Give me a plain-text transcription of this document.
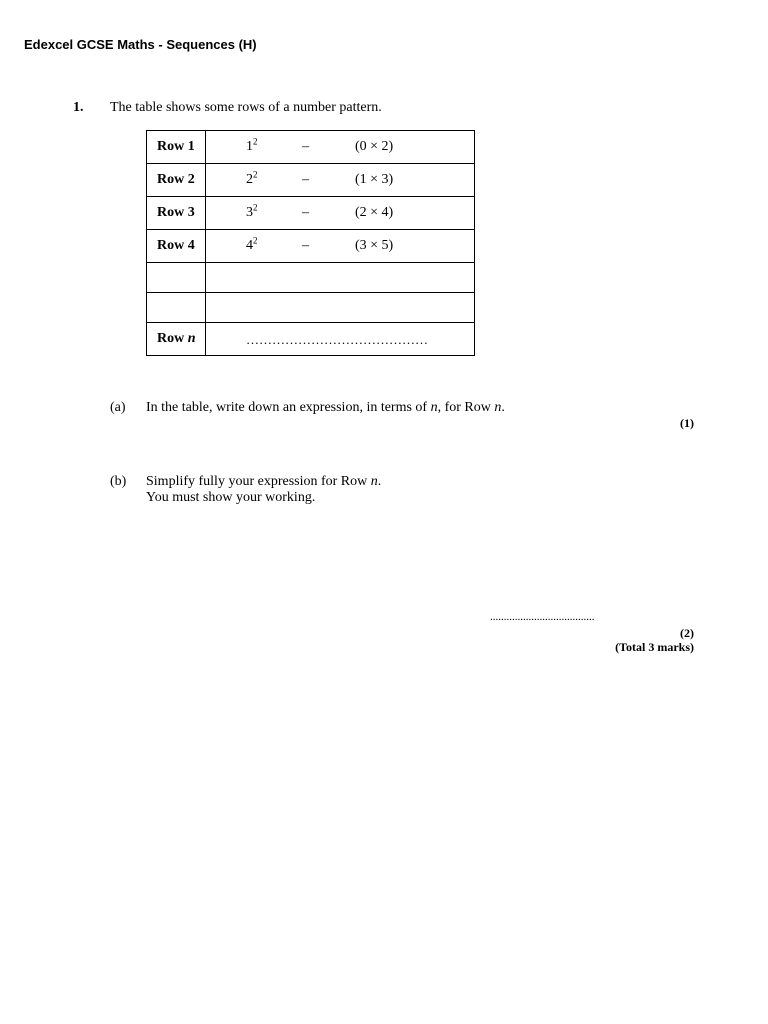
Edexcel GCSE Maths - Sequences (H)
1. The table shows some rows of a number pattern.
Row 1	$1^2 - (0 \times 2)$

Row 2	$2^2 - (1 \times 3)$

Row 3	$3^2 - (2 \times 4)$

Row 4	$4^2 - (3 \times 5)$

Row n	……………………………………
(a) In the table, write down an expression, in terms of n, for Row n.
(1)
(b) Simplify fully your expression for Row n.
You must show your working.
......................................
(2)
(Total 3 marks)
